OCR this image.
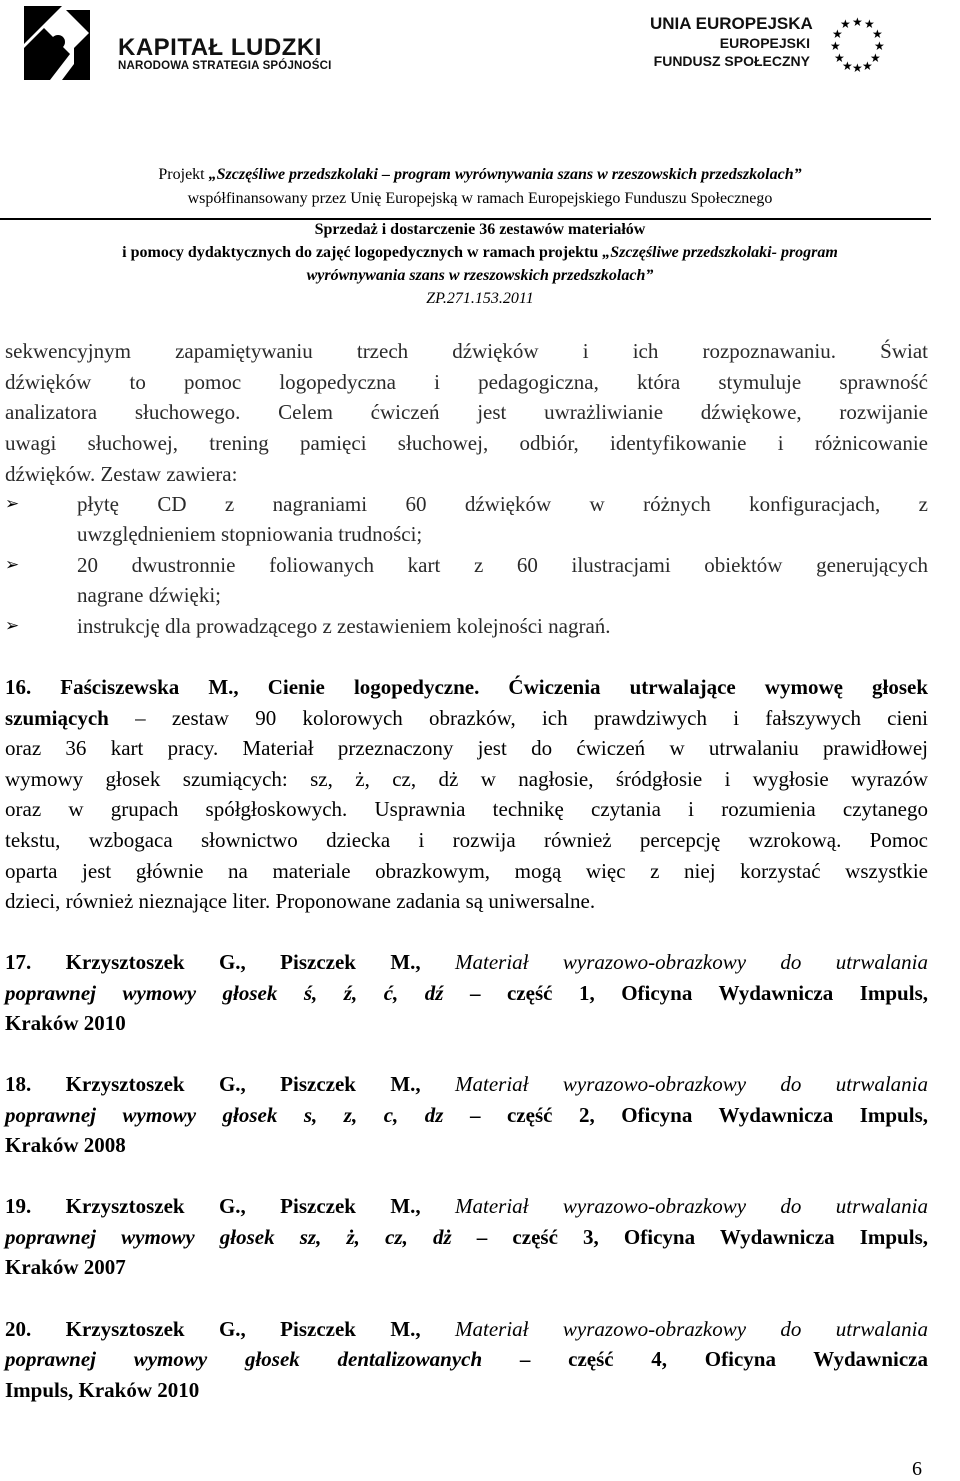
KAPITAŁ LUDZKI
NARODOWA STRATEGIA SPÓJNOŚCI
UNIA EUROPEJSKA
EUROPEJSKI
FUNDUSZ SPOŁECZNY
★ ★
★
★
★
★
★
★
★
★
★ ★
Projekt „Szczęśliwe przedszkolaki – program wyrównywania szans w rzeszowskich przedszkolach”
współfinansowany przez Unię Europejską w ramach Europejskiego Funduszu Społecznego
Sprzedaż i dostarczenie 36 zestawów materiałów
i pomocy dydaktycznych do zajęć logopedycznych w ramach projektu „Szczęśliwe przedszkolaki- program
wyrównywania szans w rzeszowskich przedszkolach”
ZP.271.153.2011
sekwencyjnym zapamiętywaniu trzech dźwięków i ich rozpoznawaniu. Świat
dźwięków to pomoc logopedyczna i pedagogiczna, która stymuluje sprawność
analizatora słuchowego. Celem ćwiczeń jest uwrażliwianie dźwiękowe, rozwijanie
uwagi słuchowej, trening pamięci słuchowej, odbiór, identyfikowanie i różnicowanie
dźwięków. Zestaw zawiera:
➢	płytę CD z nagraniami 60 dźwięków w różnych konfiguracjach, z
uwzględnieniem stopniowania trudności;
➢	20 dwustronnie foliowanych kart z 60 ilustracjami obiektów generujących
nagrane dźwięki;
➢	instrukcję dla prowadzącego z zestawieniem kolejności nagrań.
16. Faściszewska M., Cienie logopedyczne. Ćwiczenia utrwalające wymowę głosek
szumiących – zestaw 90 kolorowych obrazków, ich prawdziwych i fałszywych cieni
oraz 36 kart pracy. Materiał przeznaczony jest do ćwiczeń w utrwalaniu prawidłowej
wymowy głosek szumiących: sz, ż, cz, dż w nagłosie, śródgłosie i wygłosie wyrazów
oraz w grupach spółgłoskowych. Usprawnia technikę czytania i rozumienia czytanego
tekstu, wzbogaca słownictwo dziecka i rozwija również percepcję wzrokową. Pomoc
oparta jest głównie na materiale obrazkowym, mogą więc z niej korzystać wszystkie
dzieci, również nieznające liter. Proponowane zadania są uniwersalne.
17. Krzysztoszek G., Piszczek M., Materiał wyrazowo-obrazkowy do utrwalania
poprawnej wymowy głosek ś, ź, ć, dź – część 1, Oficyna Wydawnicza Impuls,
Kraków 2010
18. Krzysztoszek G., Piszczek M., Materiał wyrazowo-obrazkowy do utrwalania
poprawnej wymowy głosek s, z, c, dz – część 2, Oficyna Wydawnicza Impuls,
Kraków 2008
19. Krzysztoszek G., Piszczek M., Materiał wyrazowo-obrazkowy do utrwalania
poprawnej wymowy głosek sz, ż, cz, dż – część 3, Oficyna Wydawnicza Impuls,
Kraków 2007
20. Krzysztoszek G., Piszczek M., Materiał wyrazowo-obrazkowy do utrwalania
poprawnej wymowy głosek dentalizowanych – część 4, Oficyna Wydawnicza
Impuls, Kraków 2010
6
